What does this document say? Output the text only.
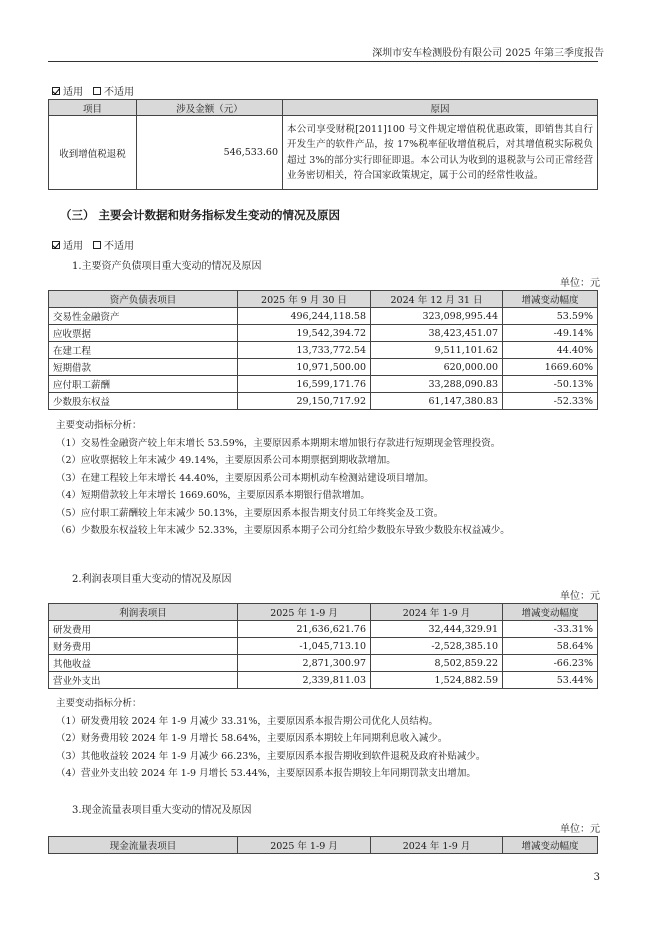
深圳市安车检测股份有限公司 2025 年第三季度报告
适用 不适用
项目	涉及金额（元）	原因
收到增值税退税	546,533.60	本公司享受财税[2011]100 号文件规定增值税优惠政策，即销售其自行开发生产的软件产品，按 17%税率征收增值税后，对其增值税实际税负超过 3%的部分实行即征即退。本公司认为收到的退税款与公司正常经营业务密切相关，符合国家政策规定，属于公司的经常性收益。
（三） 主要会计数据和财务指标发生变动的情况及原因
适用 不适用
1.主要资产负债项目重大变动的情况及原因
单位：元
资产负债表项目	2025 年 9 月 30 日	2024 年 12 月 31 日	增减变动幅度
交易性金融资产	496,244,118.58	323,098,995.44	53.59%
应收票据	19,542,394.72	38,423,451.07	-49.14%
在建工程	13,733,772.54	9,511,101.62	44.40%
短期借款	10,971,500.00	620,000.00	1669.60%
应付职工薪酬	16,599,171.76	33,288,090.83	-50.13%
少数股东权益	29,150,717.92	61,147,380.83	-52.33%
主要变动指标分析：
（1）交易性金融资产较上年末增长 53.59%，主要原因系本期期末增加银行存款进行短期现金管理投资。
（2）应收票据较上年末减少 49.14%，主要原因系公司本期票据到期收款增加。
（3）在建工程较上年末增长 44.40%，主要原因系公司本期机动车检测站建设项目增加。
（4）短期借款较上年末增长 1669.60%，主要原因系本期银行借款增加。
（5）应付职工薪酬较上年末减少 50.13%，主要原因系本报告期支付员工年终奖金及工资。
（6）少数股东权益较上年末减少 52.33%，主要原因系本期子公司分红给少数股东导致少数股东权益减少。
2.利润表项目重大变动的情况及原因
单位：元
利润表项目	2025 年 1-9 月	2024 年 1-9 月	增减变动幅度
研发费用	21,636,621.76	32,444,329.91	-33.31%
财务费用	-1,045,713.10	-2,528,385.10	58.64%
其他收益	2,871,300.97	8,502,859.22	-66.23%
营业外支出	2,339,811.03	1,524,882.59	53.44%
主要变动指标分析：
（1）研发费用较 2024 年 1-9 月减少 33.31%，主要原因系本报告期公司优化人员结构。
（2）财务费用较 2024 年 1-9 月增长 58.64%，主要原因系本期较上年同期利息收入减少。
（3）其他收益较 2024 年 1-9 月减少 66.23%，主要原因系本报告期收到软件退税及政府补贴减少。
（4）营业外支出较 2024 年 1-9 月增长 53.44%，主要原因系本报告期较上年同期罚款支出增加。
3.现金流量表项目重大变动的情况及原因
单位：元
现金流量表项目	2025 年 1-9 月	2024 年 1-9 月	增减变动幅度
3
